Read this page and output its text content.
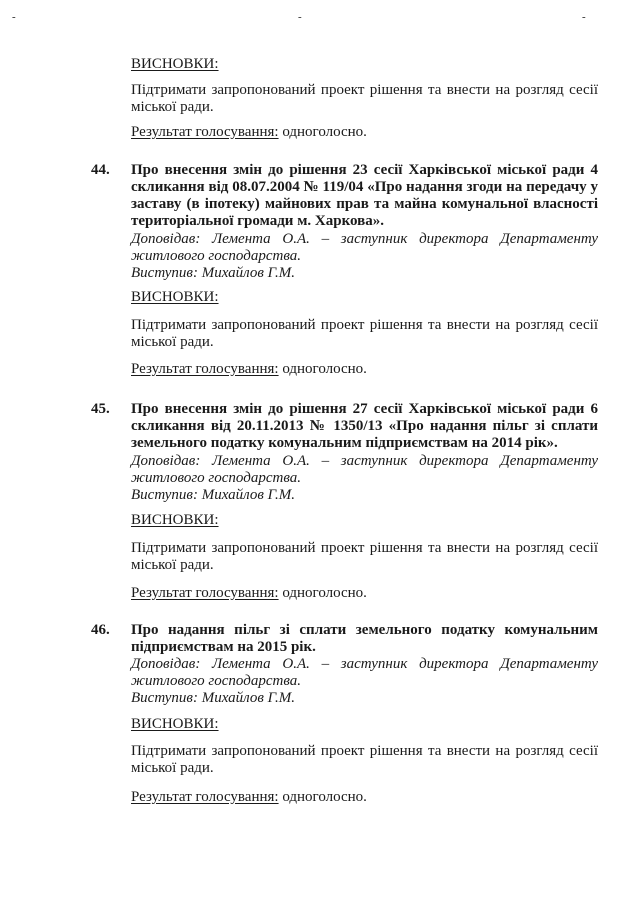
-	-	-
ВИСНОВКИ:
Підтримати запропонований проект рішення та внести на розгляд сесії міської ради.
Результат голосування: одноголосно.
44. Про внесення змін до рішення 23 сесії Харківської міської ради 4 скликання від 08.07.2004 № 119/04 «Про надання згоди на передачу у заставу (в іпотеку) майнових прав та майна комунальної власності територіальної громади м. Харкова».
Доповідав: Лемента О.А. – заступник директора Департаменту житлового господарства.
Виступив: Михайлов Г.М.
ВИСНОВКИ:
Підтримати запропонований проект рішення та внести на розгляд сесії міської ради.
Результат голосування: одноголосно.
45. Про внесення змін до рішення 27 сесії Харківської міської ради 6 скликання від 20.11.2013 № 1350/13 «Про надання пільг зі сплати земельного податку комунальним підприємствам на 2014 рік».
Доповідав: Лемента О.А. – заступник директора Департаменту житлового господарства.
Виступив: Михайлов Г.М.
ВИСНОВКИ:
Підтримати запропонований проект рішення та внести на розгляд сесії міської ради.
Результат голосування: одноголосно.
46. Про надання пільг зі сплати земельного податку комунальним підприємствам на 2015 рік.
Доповідав: Лемента О.А. – заступник директора Департаменту житлового господарства.
Виступив: Михайлов Г.М.
ВИСНОВКИ:
Підтримати запропонований проект рішення та внести на розгляд сесії міської ради.
Результат голосування: одноголосно.
